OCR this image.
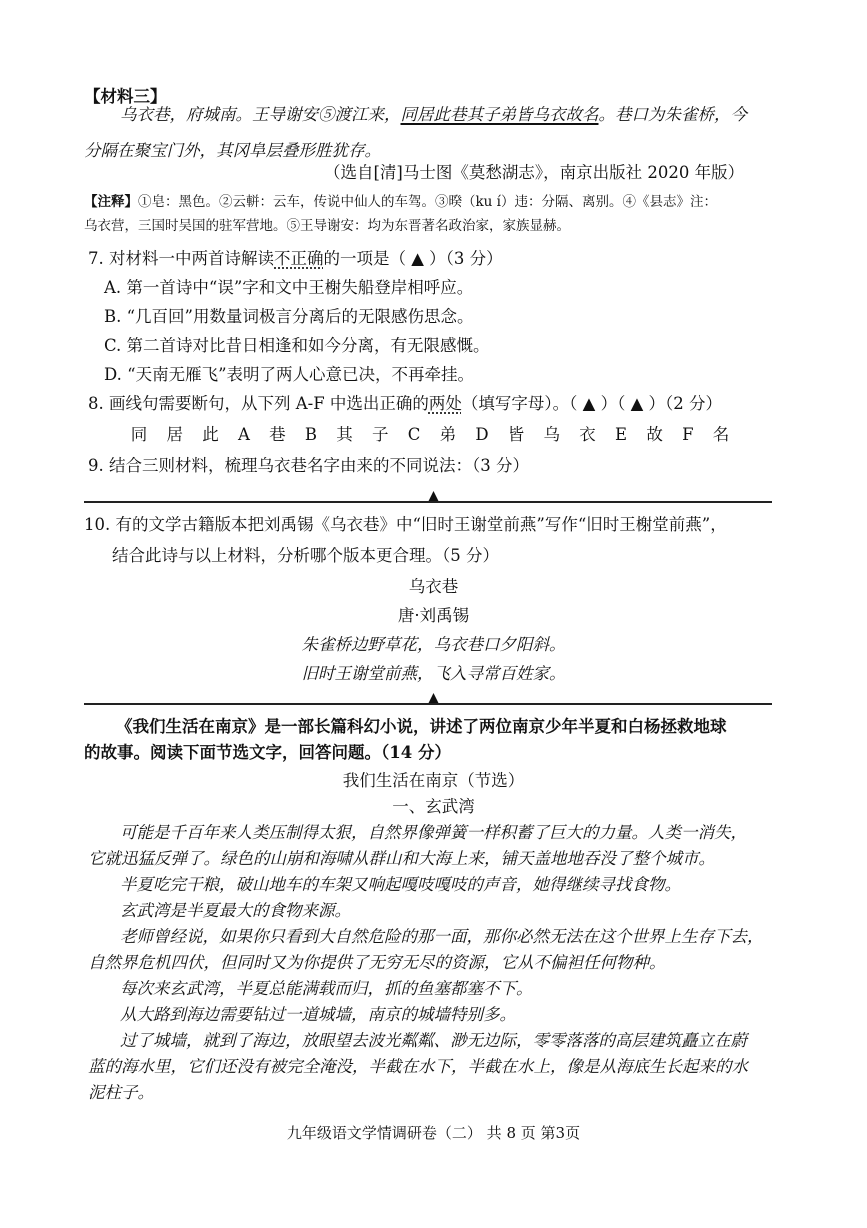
【材料三】
乌衣巷，府城南。王导谢安⑤渡江来，同居此巷其子弟皆乌衣故名。巷口为朱雀桥，今
分隔在聚宝门外，其冈阜层叠形胜犹存。
（选自[清]马士图《莫愁湖志》，南京出版社 2020 年版）
【注释】①皂：黑色。②云軿：云车，传说中仙人的车驾。③暌（ku í）违：分隔、离别。④《县志》注：
乌衣营，三国时吴国的驻军营地。⑤王导谢安：均为东晋著名政治家，家族显赫。
7. 对材料一中两首诗解读不正确的一项是（ ▲ ）（3 分）
A. 第一首诗中“误”字和文中王榭失船登岸相呼应。
B. “几百回”用数量词极言分离后的无限感伤思念。
C. 第二首诗对比昔日相逢和如今分离，有无限感慨。
D. “天南无雁飞”表明了两人心意已决，不再牵挂。
8. 画线句需要断句，从下列 A-F 中选出正确的两处（填写字母）。（ ▲ ）（ ▲ ）（2 分）
同 居 此 A 巷 B 其 子 C 弟 D 皆 乌 衣 E 故 F 名
9. 结合三则材料，梳理乌衣巷名字由来的不同说法：（3 分）
▲
10. 有的文学古籍版本把刘禹锡《乌衣巷》中“旧时王谢堂前燕”写作“旧时王榭堂前燕”，
结合此诗与以上材料，分析哪个版本更合理。（5 分）
乌衣巷
唐·刘禹锡
朱雀桥边野草花，乌衣巷口夕阳斜。
旧时王谢堂前燕，飞入寻常百姓家。
▲
《我们生活在南京》是一部长篇科幻小说，讲述了两位南京少年半夏和白杨拯救地球
的故事。阅读下面节选文字，回答问题。（14 分）
我们生活在南京（节选）
一、玄武湾
可能是千百年来人类压制得太狠，自然界像弹簧一样积蓄了巨大的力量。人类一消失，
它就迅猛反弹了。绿色的山崩和海啸从群山和大海上来，铺天盖地地吞没了整个城市。
半夏吃完干粮，破山地车的车架又响起嘎吱嘎吱的声音，她得继续寻找食物。
玄武湾是半夏最大的食物来源。
老师曾经说，如果你只看到大自然危险的那一面，那你必然无法在这个世界上生存下去，
自然界危机四伏，但同时又为你提供了无穷无尽的资源，它从不偏袒任何物种。
每次来玄武湾，半夏总能满载而归，抓的鱼塞都塞不下。
从大路到海边需要钻过一道城墙，南京的城墙特别多。
过了城墙，就到了海边，放眼望去波光粼粼、渺无边际，零零落落的高层建筑矗立在蔚
蓝的海水里，它们还没有被完全淹没，半截在水下，半截在水上，像是从海底生长起来的水
泥柱子。
九年级语文学情调研卷（二） 共 8 页 第3页
